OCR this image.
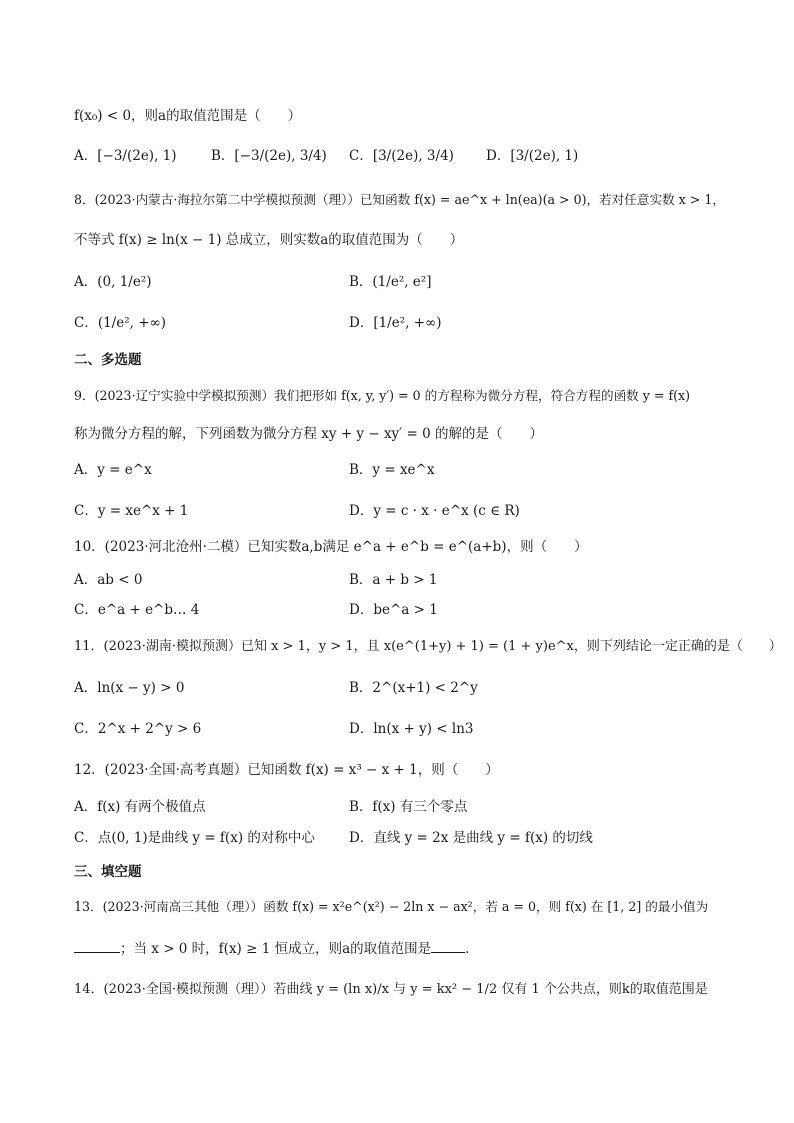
f(x₀) < 0，则a的取值范围是（　　）
A．[−3/(2e), 1)	B．[−3/(2e), 3/4) C．[3/(2e), 3/4) D．[3/(2e), 1)
8．(2023·内蒙古·海拉尔第二中学模拟预测（理））已知函数 f(x) = ae^x + ln(ea)(a > 0)，若对任意实数 x > 1，
不等式 f(x) ≥ ln(x − 1) 总成立，则实数a的取值范围为（　　）
A．(0, 1/e²)	B．(1/e², e²]
C．(1/e², +∞)	D．[1/e², +∞)
二、多选题
9．(2023·辽宁实验中学模拟预测）我们把形如 f(x, y, y′) = 0 的方程称为微分方程，符合方程的函数 y = f(x)
称为微分方程的解，下列函数为微分方程 xy + y − xy′ = 0 的解的是（　　）
A．y = e^x	B．y = xe^x
C．y = xe^x + 1	D．y = c · x · e^x (c ∈ R)
10．(2023·河北沧州·二模）已知实数a,b满足 e^a + e^b = e^(a+b)，则（　　）
A．ab < 0	B．a + b > 1
C．e^a + e^b… 4	D．be^a > 1
11．(2023·湖南·模拟预测）已知 x > 1，y > 1，且 x(e^(1+y) + 1) = (1 + y)e^x，则下列结论一定正确的是（　　）
A．ln(x − y) > 0	B．2^(x+1) < 2^y
C．2^x + 2^y > 6	D．ln(x + y) < ln3
12．(2023·全国·高考真题）已知函数 f(x) = x³ − x + 1，则（　　）
A．f(x) 有两个极值点	B．f(x) 有三个零点
C．点(0, 1)是曲线 y = f(x) 的对称中心	D．直线 y = 2x 是曲线 y = f(x) 的切线
三、填空题
13．(2023·河南高三其他（理））函数 f(x) = x²e^(x²) − 2ln x − ax²，若 a = 0，则 f(x) 在 [1, 2] 的最小值为
；当 x > 0 时，f(x) ≥ 1 恒成立，则a的取值范围是	.
14．(2023·全国·模拟预测（理））若曲线 y = (ln x)/x 与 y = kx² − 1/2 仅有 1 个公共点，则k的取值范围是
